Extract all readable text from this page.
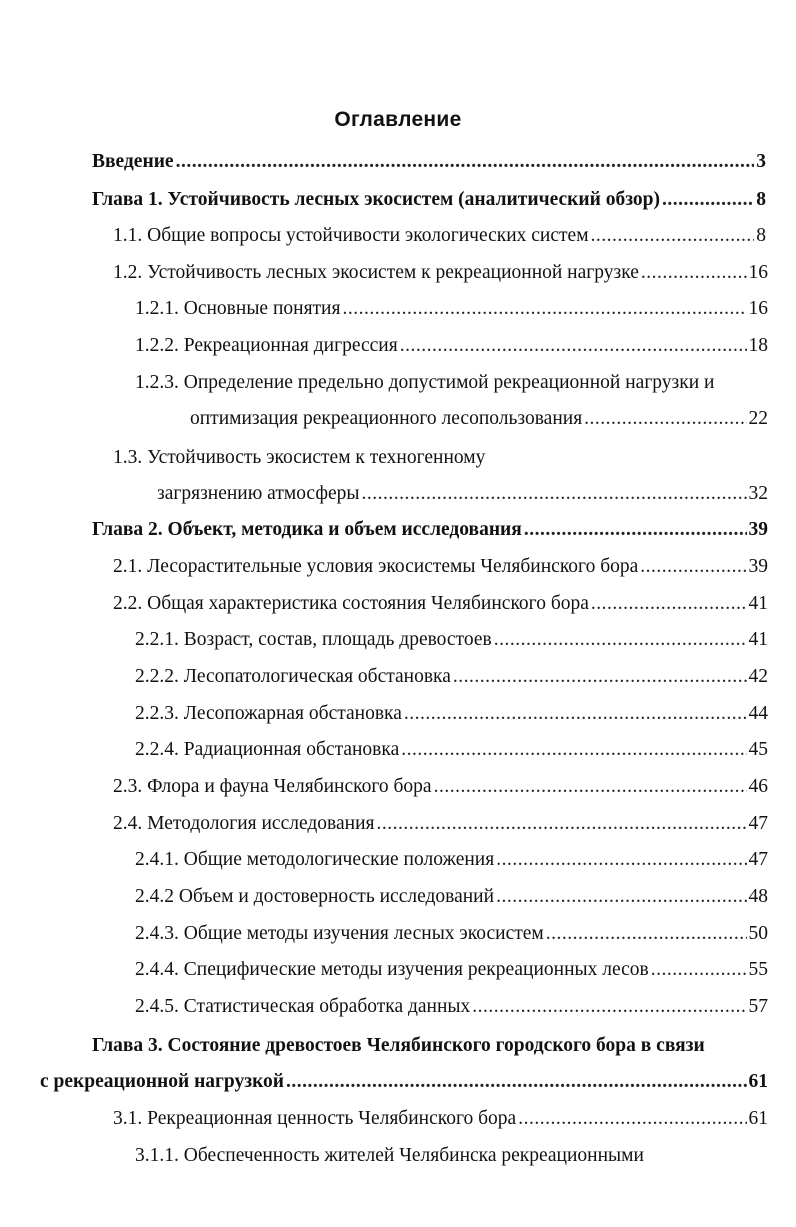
Оглавление
Введение .....	3
Глава 1. Устойчивость лесных экосистем (аналитический обзор) .....	8
1.1. Общие вопросы устойчивости экологических систем .....	8
1.2. Устойчивость лесных экосистем к рекреационной нагрузке .....	16
1.2.1. Основные понятия .....	16
1.2.2. Рекреационная дигрессия .....	18
1.2.3. Определение предельно допустимой рекреационной нагрузки и
оптимизация рекреационного лесопользования .....	22
1.3. Устойчивость экосистем к техногенному
загрязнению атмосферы .....	32
Глава 2. Объект, методика и объем исследования .....	39
2.1. Лесорастительные условия экосистемы Челябинского бора .....	39
2.2. Общая характеристика состояния Челябинского бора .....	41
2.2.1. Возраст, состав, площадь древостоев .....	41
2.2.2. Лесопатологическая обстановка .....	42
2.2.3. Лесопожарная обстановка .....	44
2.2.4. Радиационная обстановка .....	45
2.3. Флора и фауна Челябинского бора .....	46
2.4. Методология исследования .....	47
2.4.1. Общие методологические положения .....	47
2.4.2 Объем и достоверность исследований .....	48
2.4.3. Общие методы изучения лесных экосистем .....	50
2.4.4. Специфические методы изучения рекреационных лесов .....	55
2.4.5. Статистическая обработка данных .....	57
Глава 3. Состояние древостоев Челябинского городского бора в связи
с рекреационной нагрузкой .....	61
3.1. Рекреационная ценность Челябинского бора .....	61
3.1.1. Обеспеченность жителей Челябинска рекреационными
